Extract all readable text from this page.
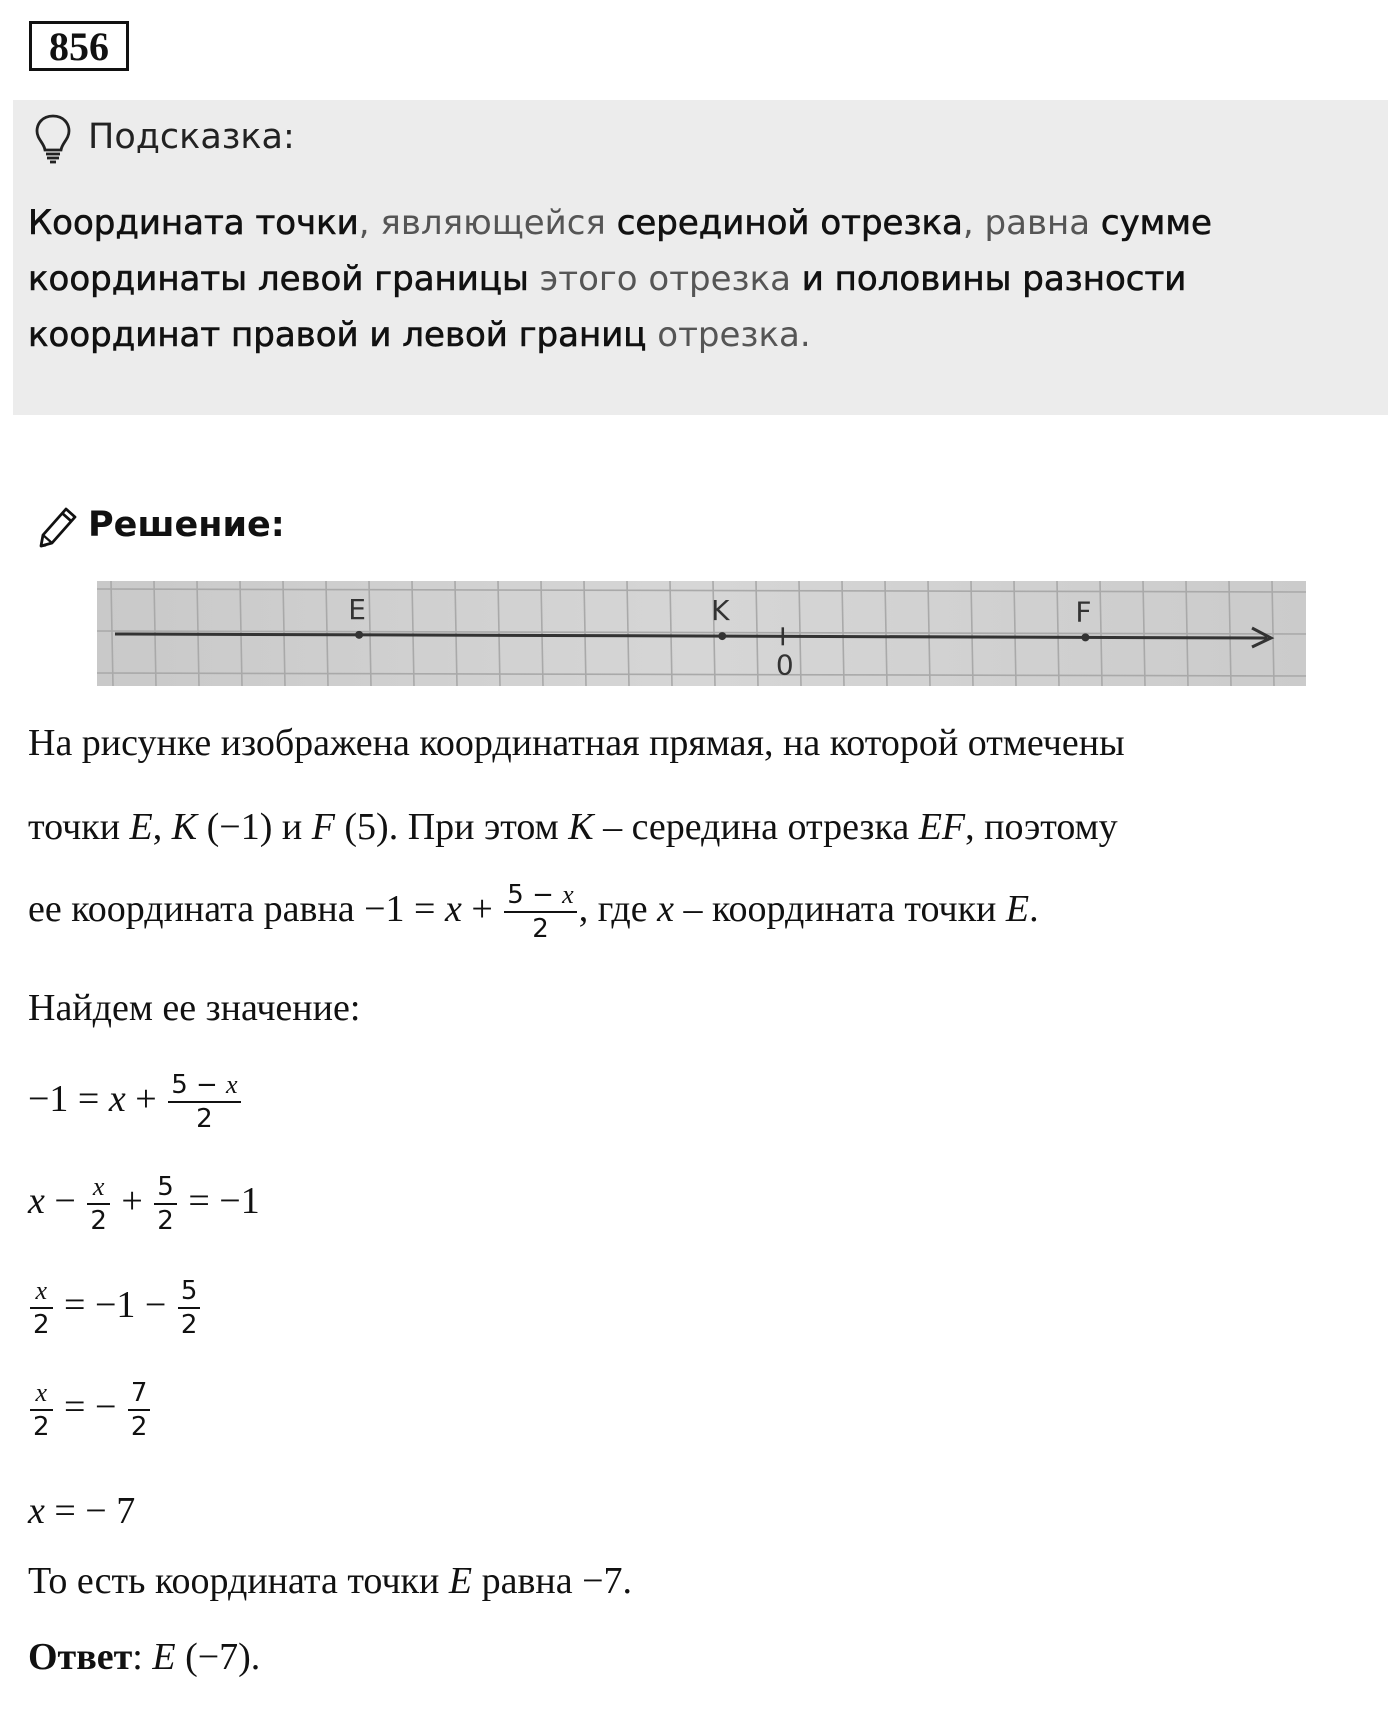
856
Подсказка:
Координата точки, являющейся серединой отрезка, равна сумме координаты левой границы этого отрезка и половины разности координат правой и левой границ отрезка.
Решение:
E	K
0
F
На рисунке изображена координатная прямая, на которой отмечены
точки E, K (−1) и F (5). При этом K – середина отрезка EF, поэтому
ее координата равна $-1 = x + \frac{5 - x}{2}$ , где x – координата точки E.
Найдем ее значение:
$-1 = x + \frac{5 - x}{2}$
$x - \frac{x}{2} + \frac{5}{2} = -1$
$\frac{x}{2} = -1 - \frac{5}{2}$
$\frac{x}{2}$ = − $\frac{7}{2}$
x = − 7
То есть координата точки E равна −7.
Ответ: E (−7).
